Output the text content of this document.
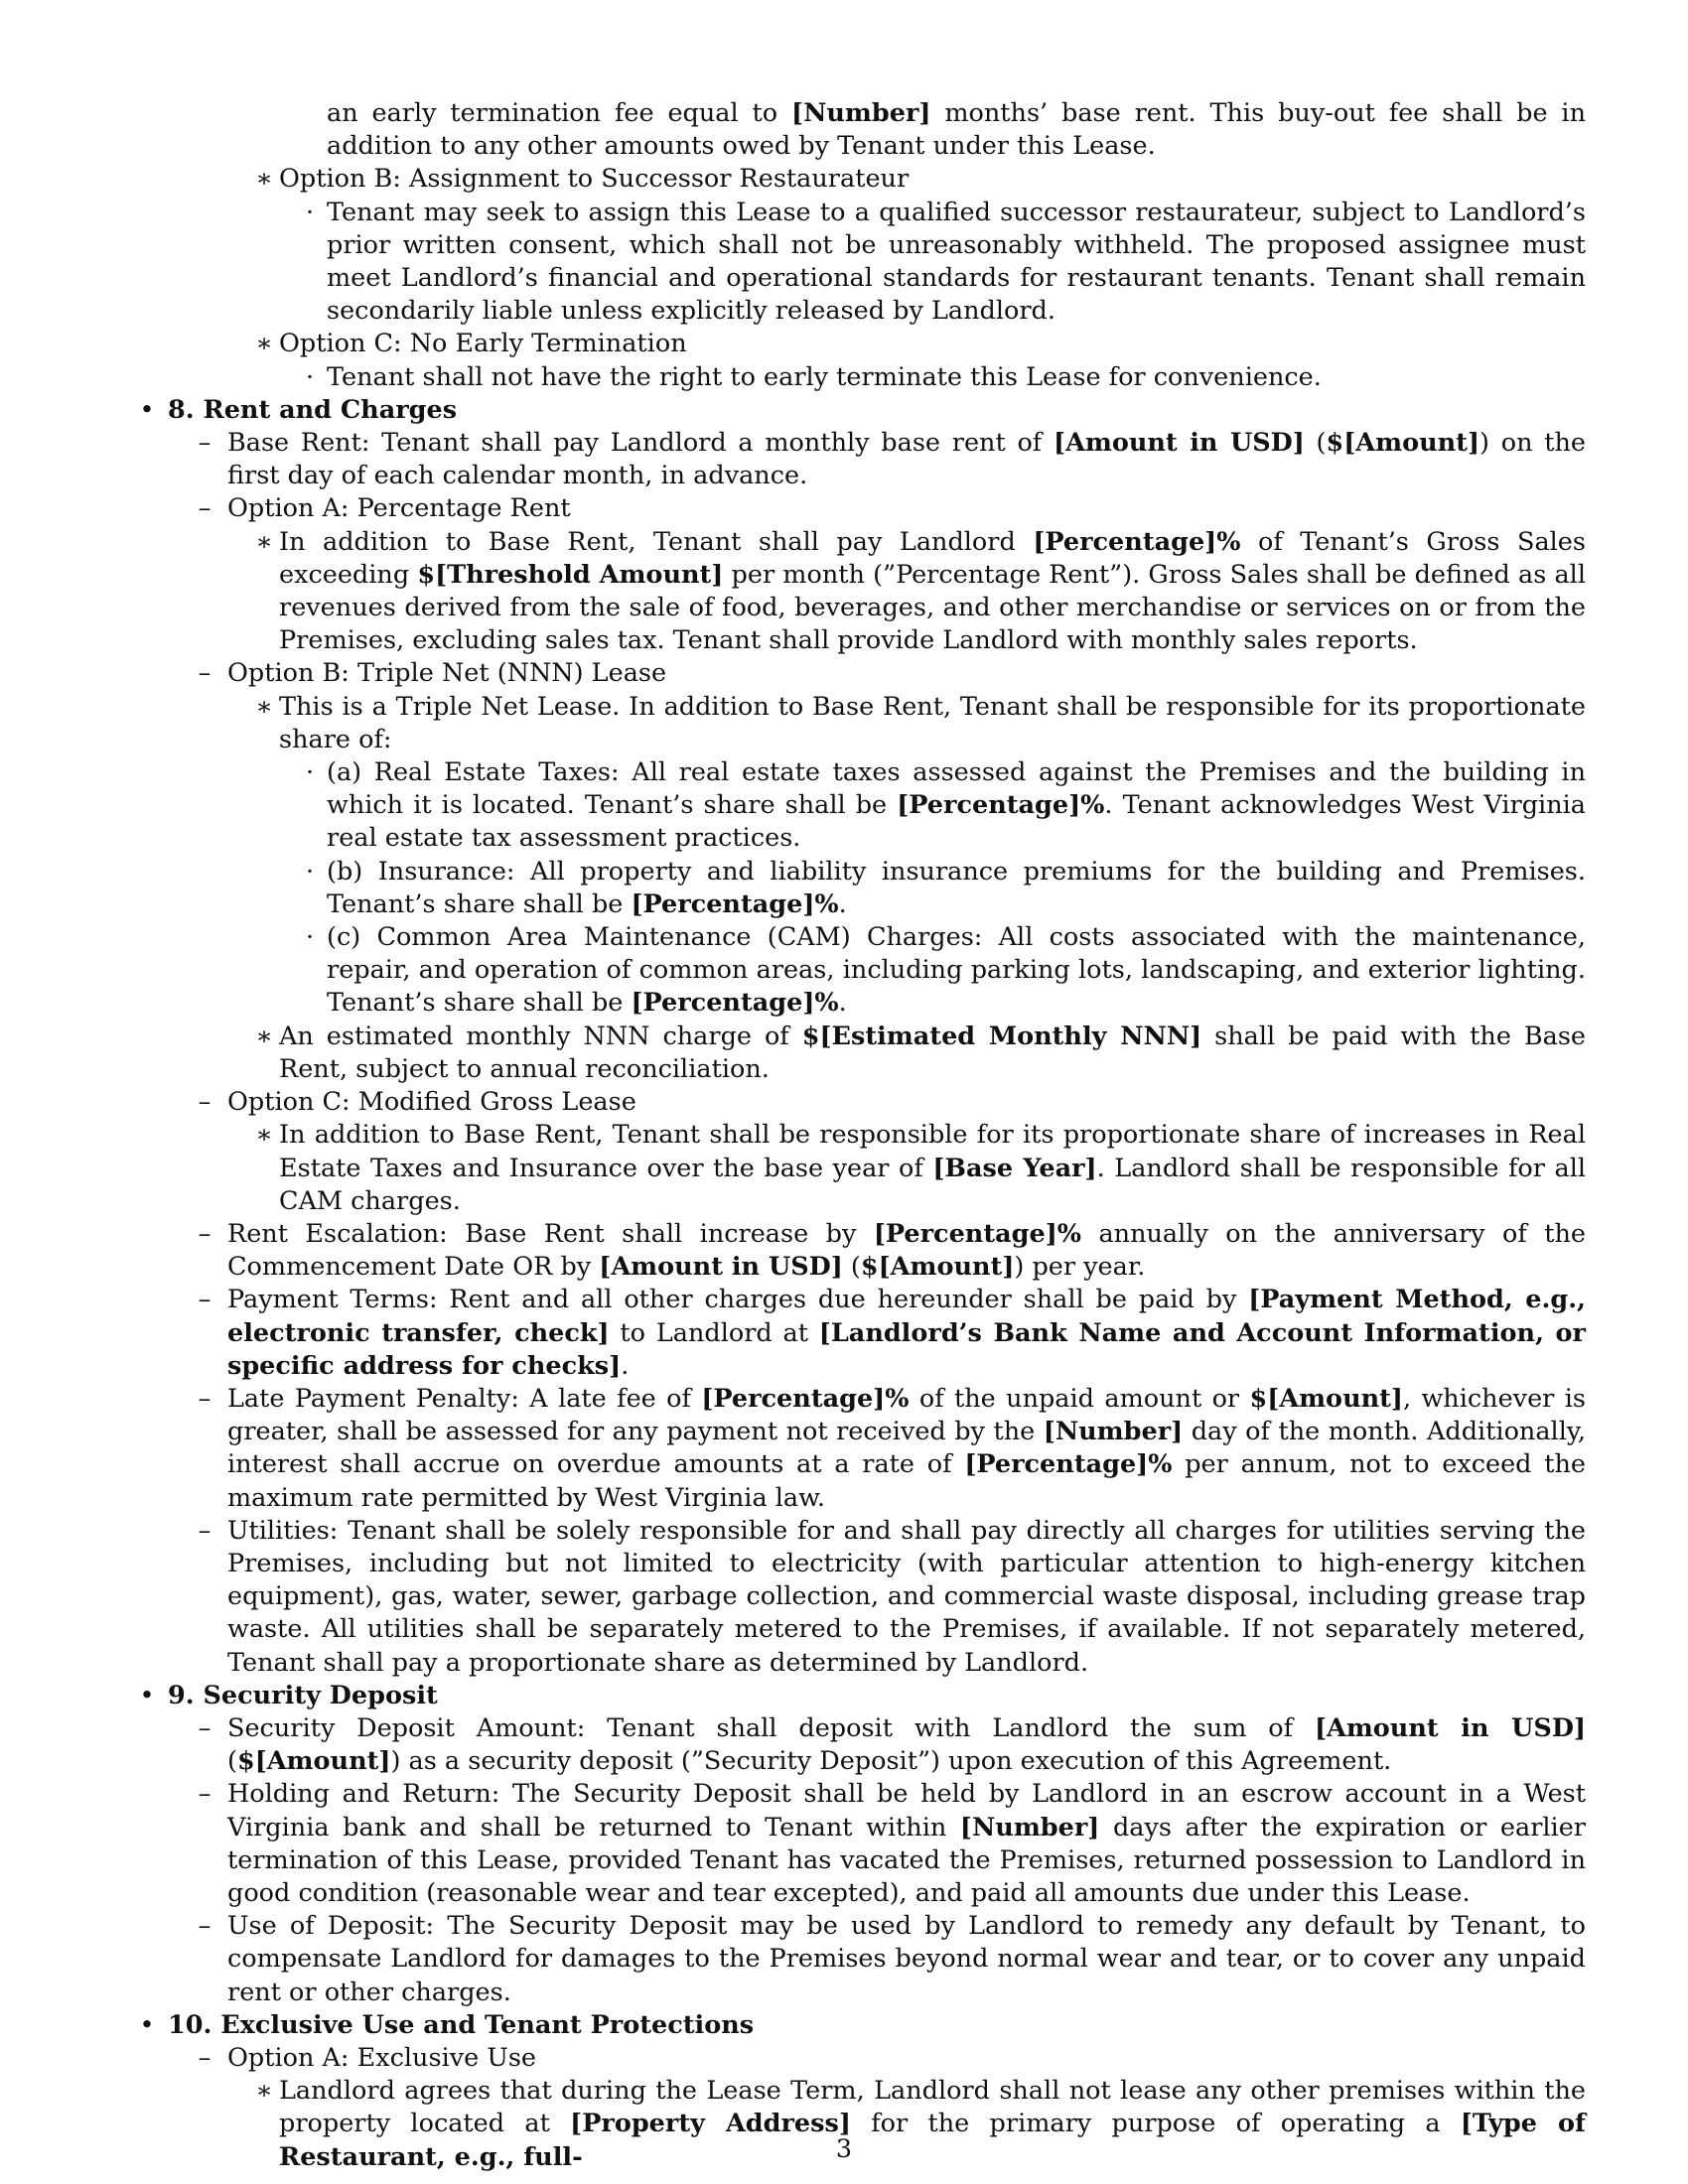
an early termination fee equal to [Number] months’ base rent. This buy-out fee shall be in addition to any other amounts owed by Tenant under this Lease.
∗ Option B: Assignment to Successor Restaurateur
· Tenant may seek to assign this Lease to a qualified successor restaurateur, subject to Landlord’s prior written consent, which shall not be unreasonably withheld. The proposed assignee must meet Landlord’s financial and operational standards for restaurant tenants. Tenant shall remain secondarily liable unless explicitly released by Landlord.
∗ Option C: No Early Termination
· Tenant shall not have the right to early terminate this Lease for convenience.
• 8. Rent and Charges
– Base Rent: Tenant shall pay Landlord a monthly base rent of [Amount in USD] ($[Amount]) on the first day of each calendar month, in advance.
– Option A: Percentage Rent
∗ In addition to Base Rent, Tenant shall pay Landlord [Percentage]% of Tenant’s Gross Sales exceeding $[Threshold Amount] per month (”Percentage Rent”). Gross Sales shall be defined as all revenues derived from the sale of food, beverages, and other merchandise or services on or from the Premises, excluding sales tax. Tenant shall provide Landlord with monthly sales reports.
– Option B: Triple Net (NNN) Lease
∗ This is a Triple Net Lease. In addition to Base Rent, Tenant shall be responsible for its proportionate share of:
· (a) Real Estate Taxes: All real estate taxes assessed against the Premises and the building in which it is located. Tenant’s share shall be [Percentage]%. Tenant acknowledges West Virginia real estate tax assessment practices.
· (b) Insurance: All property and liability insurance premiums for the building and Premises. Tenant’s share shall be [Percentage]%.
· (c) Common Area Maintenance (CAM) Charges: All costs associated with the maintenance, repair, and operation of common areas, including parking lots, landscaping, and exterior lighting. Tenant’s share shall be [Percentage]%.
∗ An estimated monthly NNN charge of $[Estimated Monthly NNN] shall be paid with the Base Rent, subject to annual reconciliation.
– Option C: Modified Gross Lease
∗ In addition to Base Rent, Tenant shall be responsible for its proportionate share of increases in Real Estate Taxes and Insurance over the base year of [Base Year]. Landlord shall be responsible for all CAM charges.
– Rent Escalation: Base Rent shall increase by [Percentage]% annually on the anniversary of the Commencement Date OR by [Amount in USD] ($[Amount]) per year.
– Payment Terms: Rent and all other charges due hereunder shall be paid by [Payment Method, e.g., electronic transfer, check] to Landlord at [Landlord’s Bank Name and Account Information, or specific address for checks].
– Late Payment Penalty: A late fee of [Percentage]% of the unpaid amount or $[Amount], whichever is greater, shall be assessed for any payment not received by the [Number] day of the month. Additionally, interest shall accrue on overdue amounts at a rate of [Percentage]% per annum, not to exceed the maximum rate permitted by West Virginia law.
– Utilities: Tenant shall be solely responsible for and shall pay directly all charges for utilities serving the Premises, including but not limited to electricity (with particular attention to high-energy kitchen equipment), gas, water, sewer, garbage collection, and commercial waste disposal, including grease trap waste. All utilities shall be separately metered to the Premises, if available. If not separately metered, Tenant shall pay a proportionate share as determined by Landlord.
• 9. Security Deposit
– Security Deposit Amount: Tenant shall deposit with Landlord the sum of [Amount in USD] ($[Amount]) as a security deposit (”Security Deposit”) upon execution of this Agreement.
– Holding and Return: The Security Deposit shall be held by Landlord in an escrow account in a West Virginia bank and shall be returned to Tenant within [Number] days after the expiration or earlier termination of this Lease, provided Tenant has vacated the Premises, returned possession to Landlord in good condition (reasonable wear and tear excepted), and paid all amounts due under this Lease.
– Use of Deposit: The Security Deposit may be used by Landlord to remedy any default by Tenant, to compensate Landlord for damages to the Premises beyond normal wear and tear, or to cover any unpaid rent or other charges.
• 10. Exclusive Use and Tenant Protections
– Option A: Exclusive Use
∗ Landlord agrees that during the Lease Term, Landlord shall not lease any other premises within the property located at [Property Address] for the primary purpose of operating a [Type of Restaurant, e.g., full-	3
